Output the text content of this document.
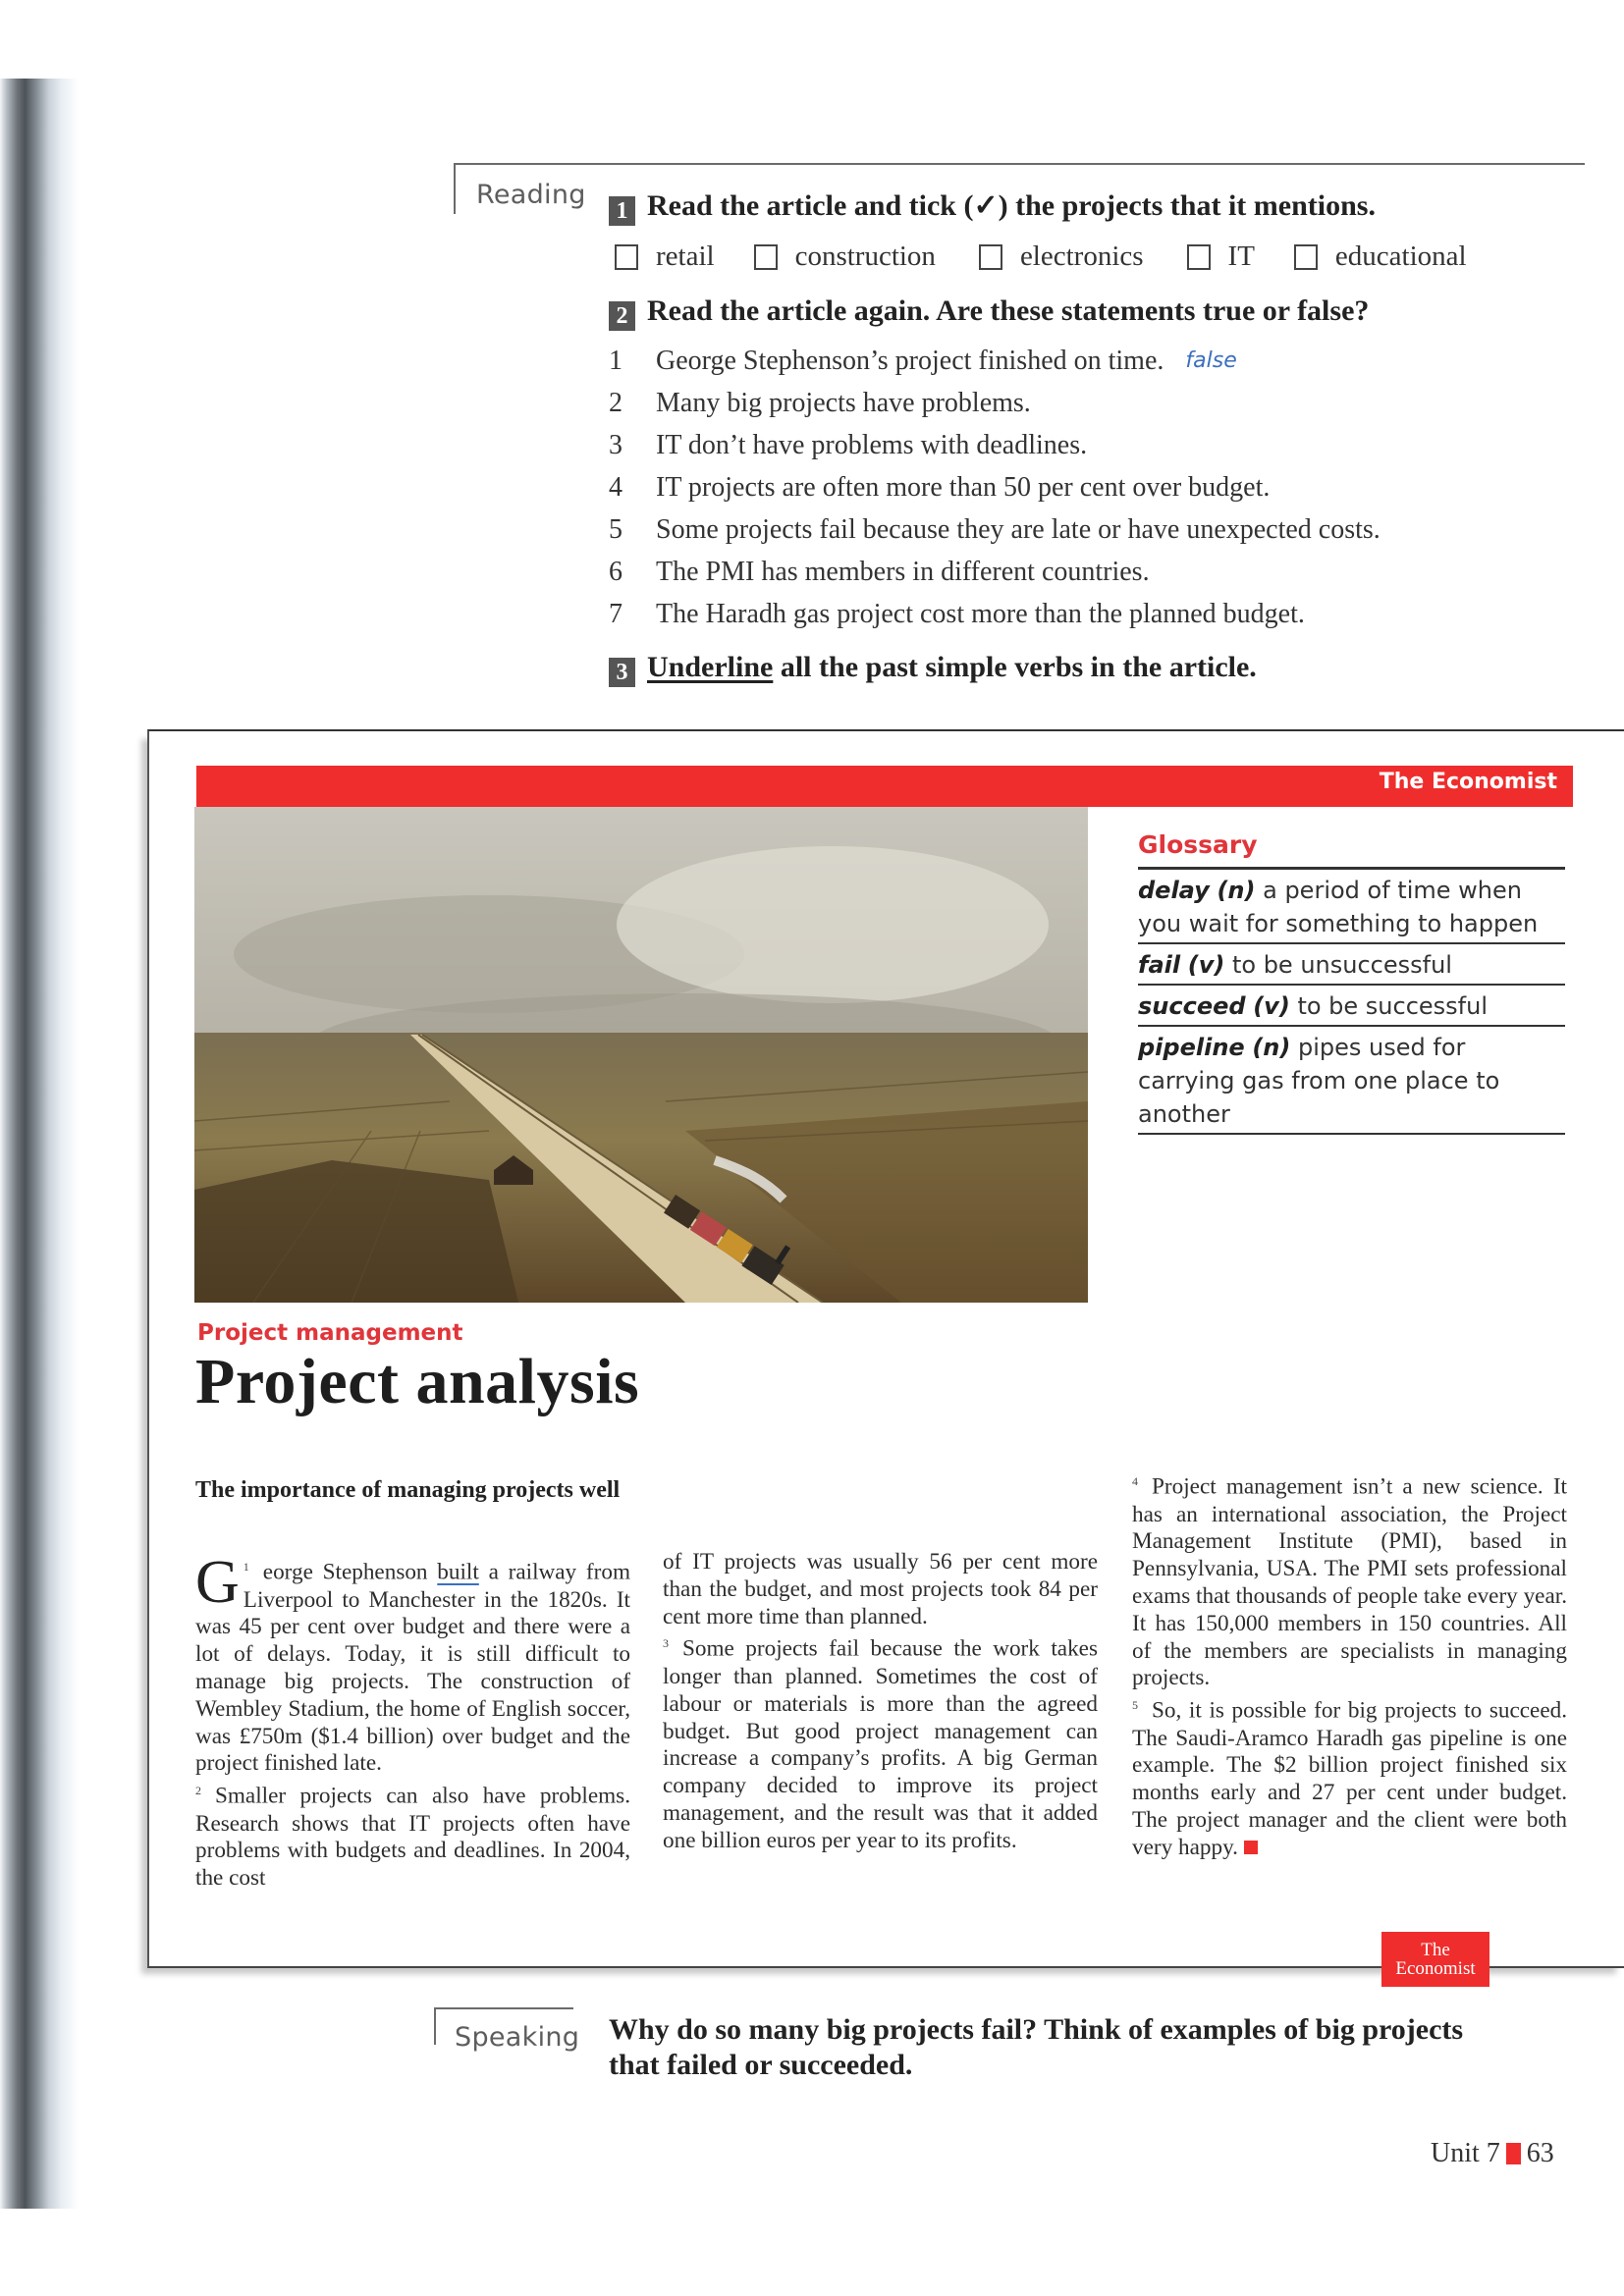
Reading
1 Read the article and tick (✓) the projects that it mentions.
retail	construction	electronics	IT	educational
2 Read the article again. Are these statements true or false?
1	George Stephenson’s project finished on time. false
2	Many big projects have problems.
3	IT don’t have problems with deadlines.
4	IT projects are often more than 50 per cent over budget.
5	Some projects fail because they are late or have unexpected costs.
6	The PMI has members in different countries.
7	The Haradh gas project cost more than the planned budget.
3 Underline all the past simple verbs in the article.
The Economist
Glossary
delay (n) a period of time when you wait for something to happen
fail (v) to be unsuccessful
succeed (v) to be successful
pipeline (n) pipes used for carrying gas from one place to another
Project management
Project analysis
The importance of managing projects well

$^1$
G eorge Stephenson built a railway from Liverpool to Manchester in the 1820s. It was 45 per cent over budget and there were a lot of delays. Today, it is still difficult to manage big projects. The construction of Wembley Stadium, the home of English soccer, was £750m ($1.4 billion) over budget and the project finished late.

$^2$ Smaller projects can also have problems. Research shows that IT projects often have problems with budgets and deadlines. In 2004, the cost

of IT projects was usually 56 per cent more than the budget, and most projects took 84 per cent more time than planned.

$^3$ Some projects fail because the work takes longer than planned. Sometimes the cost of labour or materials is more than the agreed budget. But good project management can increase a company’s profits. A big German company decided to improve its project management, and the result was that it added one billion euros per year to its profits.

$^4$ Project management isn’t a new science. It has an international association, the Project Management Institute (PMI), based in Pennsylvania, USA. The PMI sets professional exams that thousands of people take every year. It has 150,000 members in 150 countries. All of the members are specialists in managing projects.

$^5$ So, it is possible for big projects to succeed. The Saudi-Aramco Haradh gas pipeline is one example. The $2 billion project finished six months early and 27 per cent under budget. The project manager and the client were both very happy.

The
Economist
Speaking Why do so many big projects fail? Think of examples of big projects that failed or succeeded.
Unit 7 63
